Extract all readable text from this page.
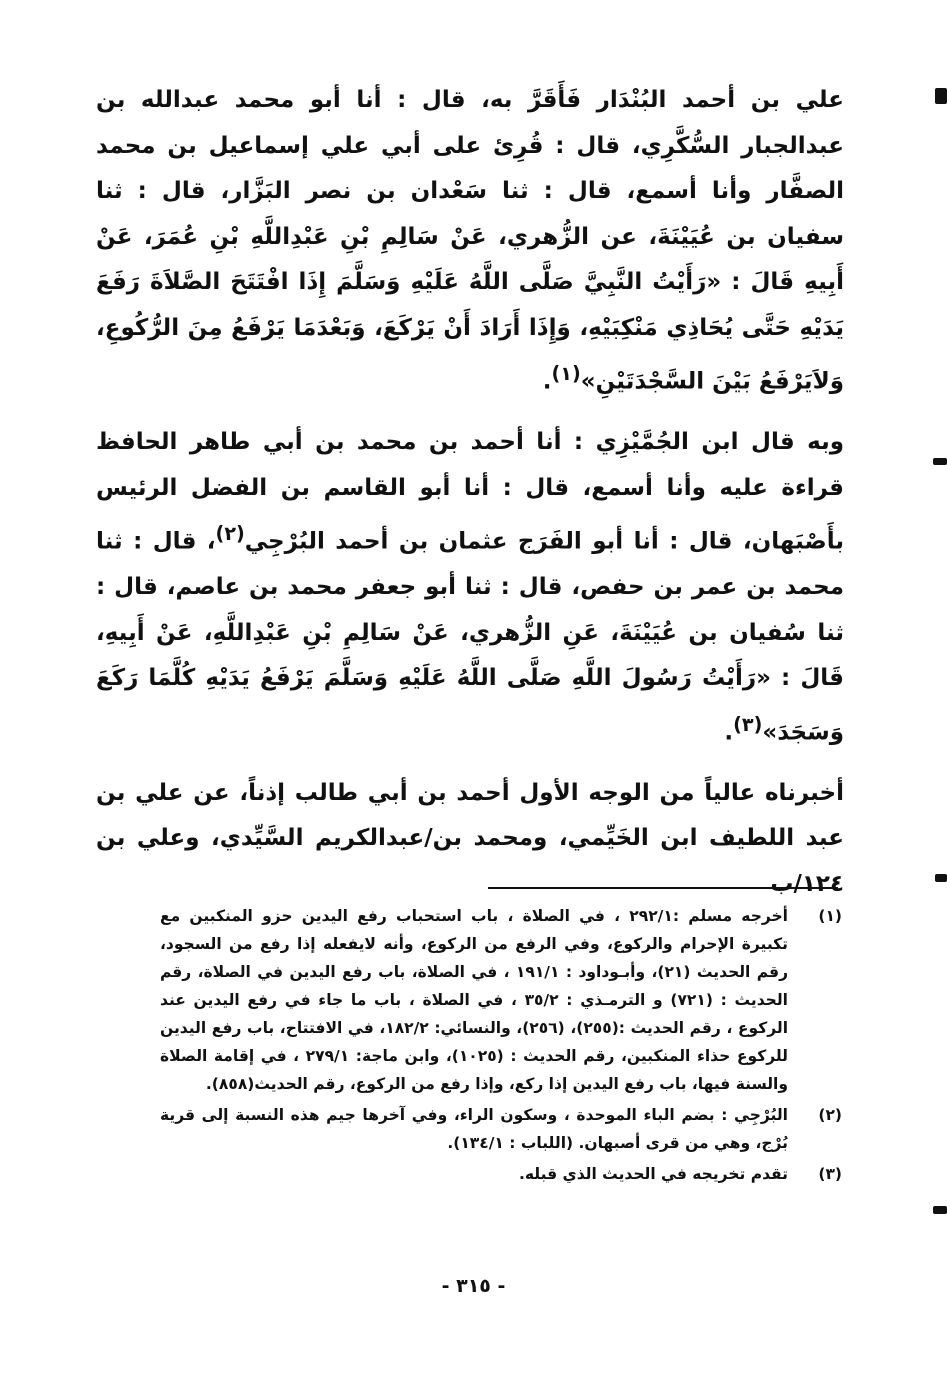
علي بن أحمد البُنْدَار فَأَقَرَّ به، قال : أنا أبو محمد عبدالله بن عبدالجبار السُّكَّرِي، قال : قُرِئ على أبي علي إسماعيل بن محمد الصفَّار وأنا أسمع، قال : ثنا سَعْدان بن نصر البَزَّار، قال : ثنا سفيان بن عُيَيْنَةَ، عن الزُّهري، عَنْ سَالِمِ بْنِ عَبْدِاللَّهِ بْنِ عُمَرَ، عَنْ أَبِيهِ قَالَ : «رَأَيْتُ النَّبِيَّ صَلَّى اللَّهُ عَلَيْهِ وَسَلَّمَ إِذَا افْتَتَحَ الصَّلاَةَ رَفَعَ يَدَيْهِ حَتَّى يُحَاذِي مَنْكِبَيْهِ، وَإِذَا أَرَادَ أَنْ يَرْكَعَ، وَبَعْدَمَا يَرْفَعُ مِنَ الرُّكُوعِ، وَلاَيَرْفَعُ بَيْنَ السَّجْدَتَيْنِ»$^{(١)}$.

وبه قال ابن الجُمَّيْزِي : أنا أحمد بن محمد بن أبي طاهر الحافظ قراءة عليه وأنا أسمع، قال : أنا أبو القاسم بن الفضل الرئيس بأَصْبَهان، قال : أنا أبو الفَرَج عثمان بن أحمد البُرْجِي$^{(٢)}$، قال : ثنا محمد بن عمر بن حفص، قال : ثنا أبو جعفر محمد بن عاصم، قال : ثنا سُفيان بن عُيَيْنَةَ، عَنِ الزُّهري، عَنْ سَالِمِ بْنِ عَبْدِاللَّهِ، عَنْ أَبِيهِ، قَالَ : «رَأَيْتُ رَسُولَ اللَّهِ صَلَّى اللَّهُ عَلَيْهِ وَسَلَّمَ يَرْفَعُ يَدَيْهِ كُلَّمَا رَكَعَ وَسَجَدَ»$^{(٣)}$.

أخبرناه عالياً من الوجه الأول أحمد بن أبي طالب إذناً، عن علي بن عبد اللطيف ابن الخَيِّمي، ومحمد بن/عبدالكريم السَّيِّدي، وعلي بن ١٢٤/ب

(١)
أخرجه مسلم :٢٩٢/١ ، في الصلاة ، باب استحباب رفع اليدين حزو المنكبين مع تكبيرة الإحرام والركوع، وفي الرفع من الركوع، وأنه لايفعله إذا رفع من السجود، رقم الحديث (٢١)، وأبـوداود : ١٩١/١ ، في الصلاة، باب رفع اليدين في الصلاة، رقم الحديث : (٧٢١) و الترمـذي : ٣٥/٢ ، في الصلاة ، باب ما جاء في رفع اليدين عند الركوع ، رقم الحديث :(٢٥٥)، (٢٥٦)، والنسائي: ١٨٢/٢، في الافتتاح، باب رفع اليدين للركوع حذاء المنكبين، رقم الحديث : (١٠٢٥)، وابن ماجة: ٢٧٩/١ ، في إقامة الصلاة والسنة فيها، باب رفع اليدين إذا ركع، وإذا رفع من الركوع، رقم الحديث(٨٥٨).
(٢)
البُرْجِي : بضم الباء الموحدة ، وسكون الراء، وفي آخرها جيم هذه النسبة إلى قرية بُرْج، وهي من قرى أصبهان. (اللباب : ١٣٤/١).
(٣)
تقدم تخريجه في الحديث الذي قبله.
- ٣١٥ -
